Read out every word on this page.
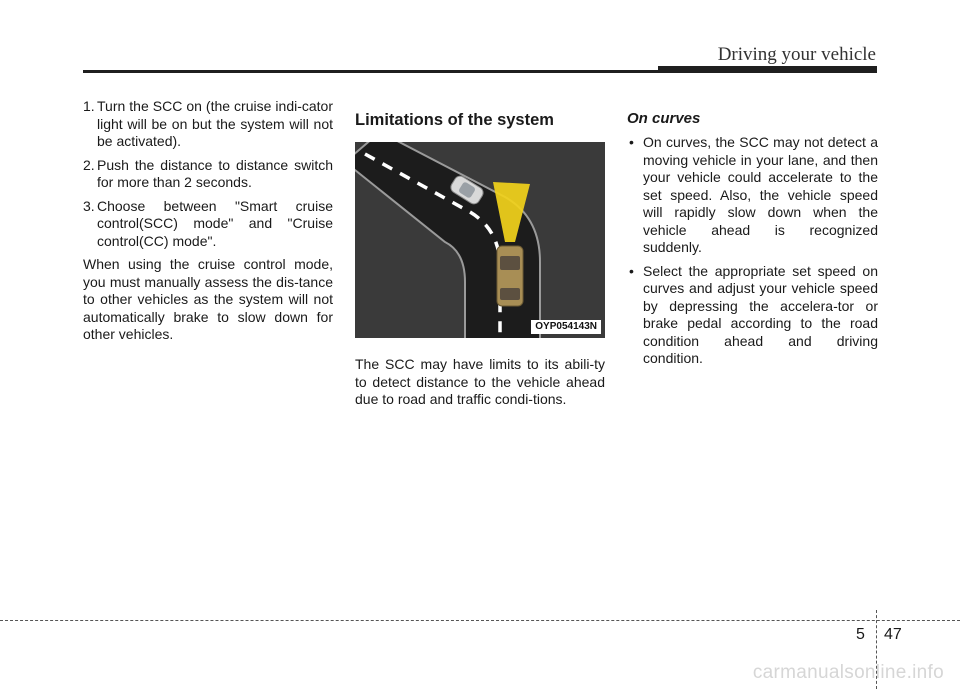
Driving your vehicle
1. Turn the SCC on (the cruise indi-cator light will be on but the system will not be activated).
2. Push the distance to distance switch for more than 2 seconds.
3. Choose between "Smart cruise control(SCC) mode" and "Cruise control(CC) mode".

When using the cruise control mode, you must manually assess the dis-tance to other vehicles as the system will not automatically brake to slow down for other vehicles.

Limitations of the system
OYP054143N

The SCC may have limits to its abili-ty to detect distance to the vehicle ahead due to road and traffic condi-tions.

On curves
• On curves, the SCC may not detect a moving vehicle in your lane, and then your vehicle could accelerate to the set speed. Also, the vehicle speed will rapidly slow down when the vehicle ahead is recognized suddenly.
• Select the appropriate set speed on curves and adjust your vehicle speed by depressing the accelera-tor or brake pedal according to the road condition ahead and driving condition.
5 47
carmanualsonline.info
